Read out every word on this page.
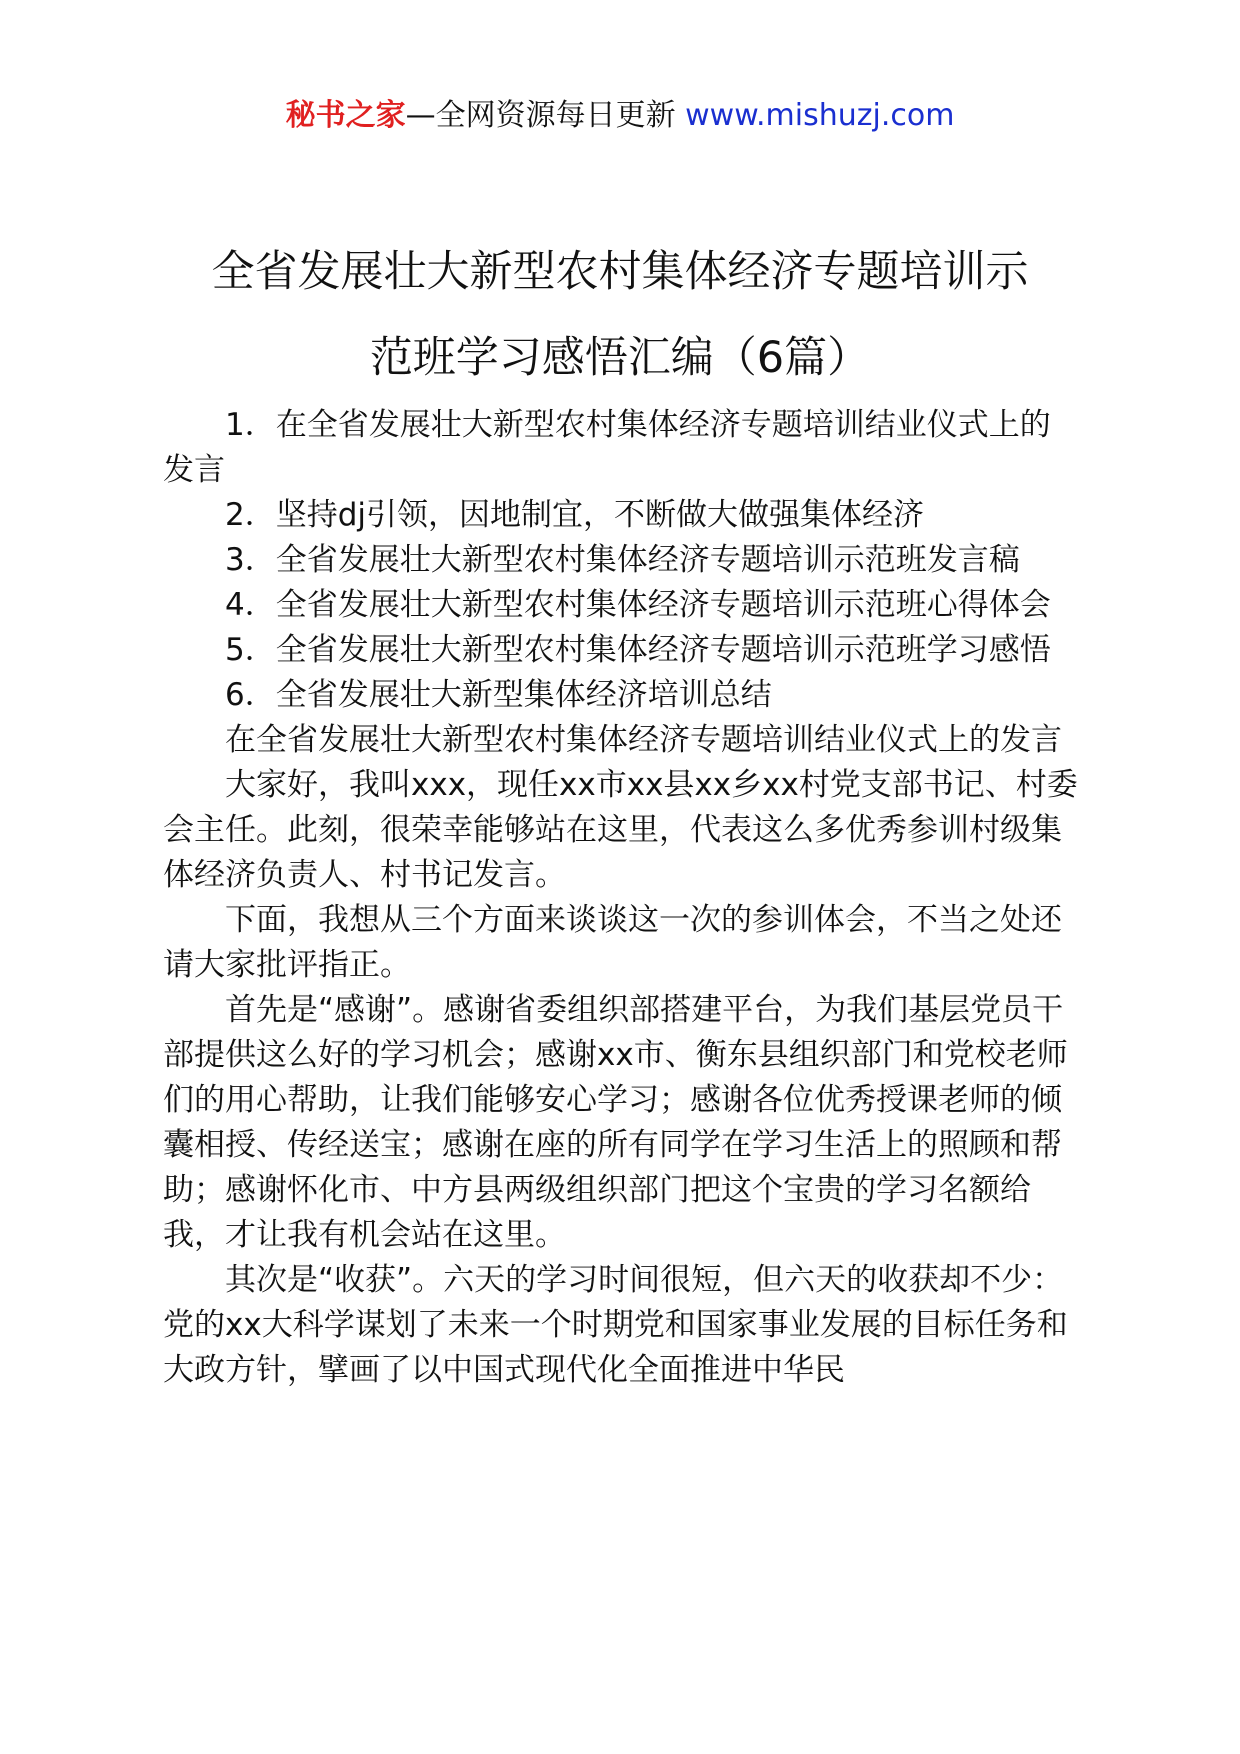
秘书之家—全网资源每日更新 www.mishuzj.com
全省发展壮大新型农村集体经济专题培训示
范班学习感悟汇编（6篇）

1．在全省发展壮大新型农村集体经济专题培训结业仪式上的发言

2．坚持dj引领，因地制宜，不断做大做强集体经济

3．全省发展壮大新型农村集体经济专题培训示范班发言稿

4．全省发展壮大新型农村集体经济专题培训示范班心得体会

5．全省发展壮大新型农村集体经济专题培训示范班学习感悟

6．全省发展壮大新型集体经济培训总结

在全省发展壮大新型农村集体经济专题培训结业仪式上的发言

大家好，我叫xxx，现任xx市xx县xx乡xx村党支部书记、村委会主任。此刻，很荣幸能够站在这里，代表这么多优秀参训村级集体经济负责人、村书记发言。

下面，我想从三个方面来谈谈这一次的参训体会，不当之处还请大家批评指正。

首先是“感谢”。感谢省委组织部搭建平台，为我们基层党员干部提供这么好的学习机会；感谢xx市、衡东县组织部门和党校老师们的用心帮助，让我们能够安心学习；感谢各位优秀授课老师的倾囊相授、传经送宝；感谢在座的所有同学在学习生活上的照顾和帮助；感谢怀化市、中方县两级组织部门把这个宝贵的学习名额给我，才让我有机会站在这里。

其次是“收获”。六天的学习时间很短，但六天的收获却不少：党的xx大科学谋划了未来一个时期党和国家事业发展的目标任务和大政方针，擘画了以中国式现代化全面推进中华民
